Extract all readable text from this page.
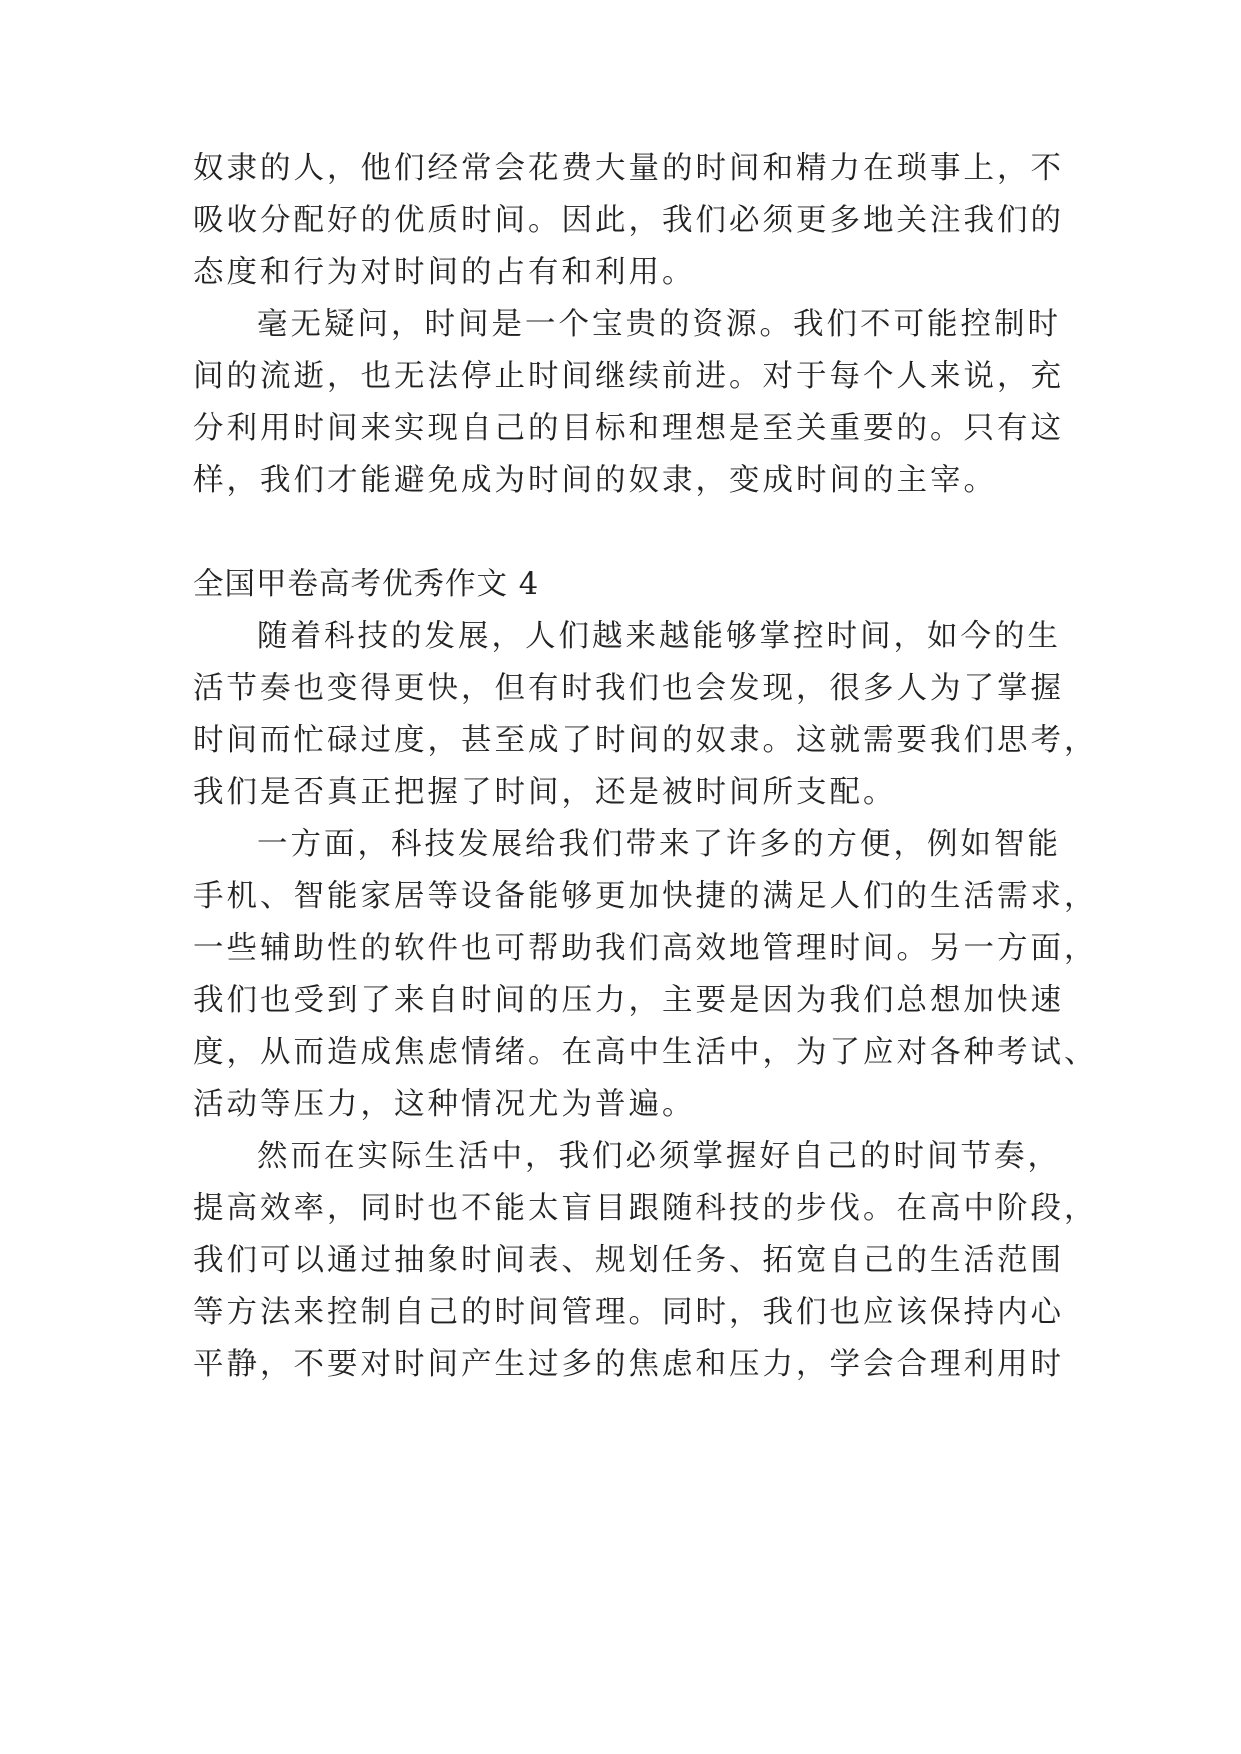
奴隶的人，他们经常会花费大量的时间和精力在琐事上，不
吸收分配好的优质时间。因此，我们必须更多地关注我们的
态度和行为对时间的占有和利用。
毫无疑问，时间是一个宝贵的资源。我们不可能控制时
间的流逝，也无法停止时间继续前进。对于每个人来说，充
分利用时间来实现自己的目标和理想是至关重要的。只有这
样，我们才能避免成为时间的奴隶，变成时间的主宰。
全国甲卷高考优秀作文 4
随着科技的发展，人们越来越能够掌控时间，如今的生
活节奏也变得更快，但有时我们也会发现，很多人为了掌握
时间而忙碌过度，甚至成了时间的奴隶。这就需要我们思考，
我们是否真正把握了时间，还是被时间所支配。
一方面，科技发展给我们带来了许多的方便，例如智能
手机、智能家居等设备能够更加快捷的满足人们的生活需求，
一些辅助性的软件也可帮助我们高效地管理时间。另一方面，
我们也受到了来自时间的压力，主要是因为我们总想加快速
度，从而造成焦虑情绪。在高中生活中，为了应对各种考试、
活动等压力，这种情况尤为普遍。
然而在实际生活中，我们必须掌握好自己的时间节奏，
提高效率，同时也不能太盲目跟随科技的步伐。在高中阶段，
我们可以通过抽象时间表、规划任务、拓宽自己的生活范围
等方法来控制自己的时间管理。同时，我们也应该保持内心
平静，不要对时间产生过多的焦虑和压力，学会合理利用时
